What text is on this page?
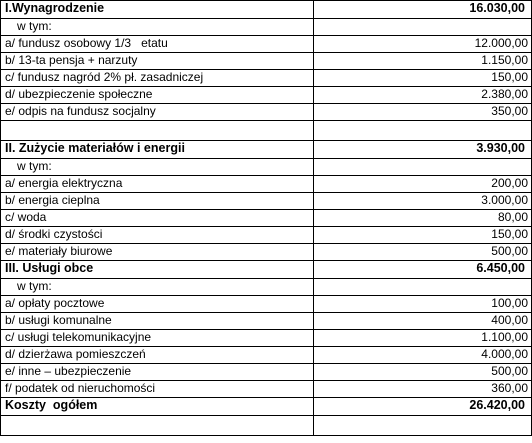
I.Wynagrodzenie	16.030,00
w tym:	
a/ fundusz osobowy 1/3   etatu	12.000,00
b/ 13-ta pensja + narzuty	1.150,00
c/ fundusz nagród 2% pł. zasadniczej	150,00
d/ ubezpieczenie społeczne	2.380,00
e/ odpis na fundusz socjalny	350,00

II. Zużycie materiałów i energii	3.930,00
w tym:	
a/ energia elektryczna	200,00
b/ energia cieplna	3.000,00
c/ woda	80,00
d/ środki czystości	150,00
e/ materiały biurowe	500,00
III. Usługi obce	6.450,00
w tym:	
a/ opłaty pocztowe	100,00
b/ usługi komunalne	400,00
c/ usługi telekomunikacyjne	1.100,00
d/ dzierżawa pomieszczeń	4.000,00
e/ inne – ubezpieczenie	500,00
f/ podatek od nieruchomości	360,00
Koszty  ogółem	26.420,00
